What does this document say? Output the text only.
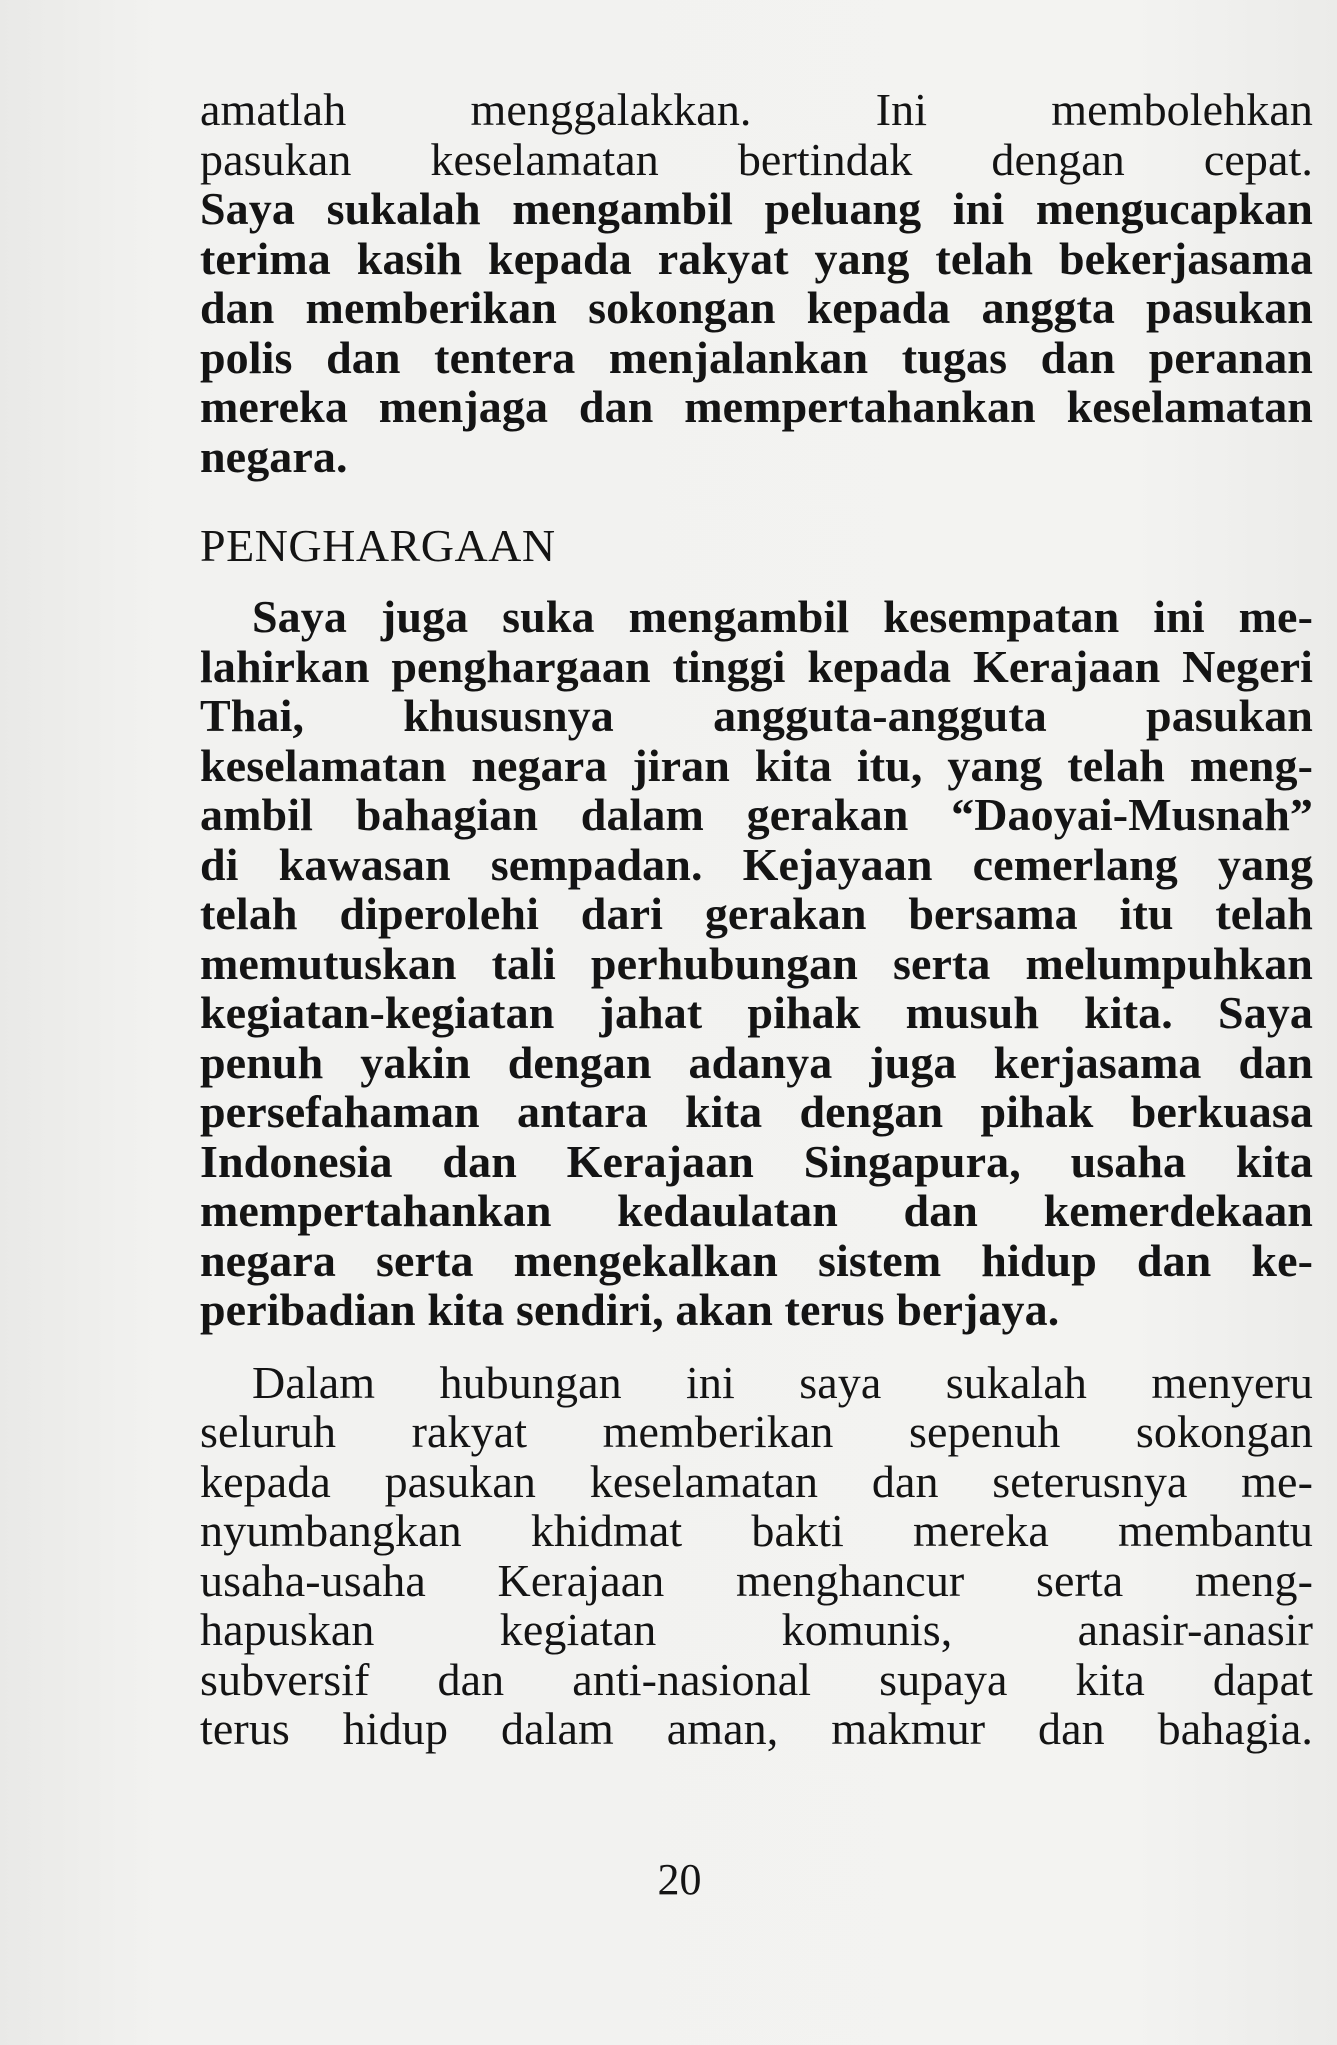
amatlah menggalakkan. Ini membolehkan
pasukan keselamatan bertindak dengan cepat.
Saya sukalah mengambil peluang ini mengucapkan
terima kasih kepada rakyat yang telah bekerjasama
dan memberikan sokongan kepada anggta pasukan
polis dan tentera menjalankan tugas dan peranan
mereka menjaga dan mempertahankan keselamatan
negara.
PENGHARGAAN
Saya juga suka mengambil kesempatan ini me-
lahirkan penghargaan tinggi kepada Kerajaan Negeri
Thai, khususnya angguta-angguta pasukan
keselamatan negara jiran kita itu, yang telah meng-
ambil bahagian dalam gerakan “Daoyai-Musnah”
di kawasan sempadan. Kejayaan cemerlang yang
telah diperolehi dari gerakan bersama itu telah
memutuskan tali perhubungan serta melumpuhkan
kegiatan-kegiatan jahat pihak musuh kita. Saya
penuh yakin dengan adanya juga kerjasama dan
persefahaman antara kita dengan pihak berkuasa
Indonesia dan Kerajaan Singapura, usaha kita
mempertahankan kedaulatan dan kemerdekaan
negara serta mengekalkan sistem hidup dan ke-
peribadian kita sendiri, akan terus berjaya.
Dalam hubungan ini saya sukalah menyeru
seluruh rakyat memberikan sepenuh sokongan
kepada pasukan keselamatan dan seterusnya me-
nyumbangkan khidmat bakti mereka membantu
usaha-usaha Kerajaan menghancur serta meng-
hapuskan kegiatan komunis, anasir-anasir
subversif dan anti-nasional supaya kita dapat
terus hidup dalam aman, makmur dan bahagia.
20
